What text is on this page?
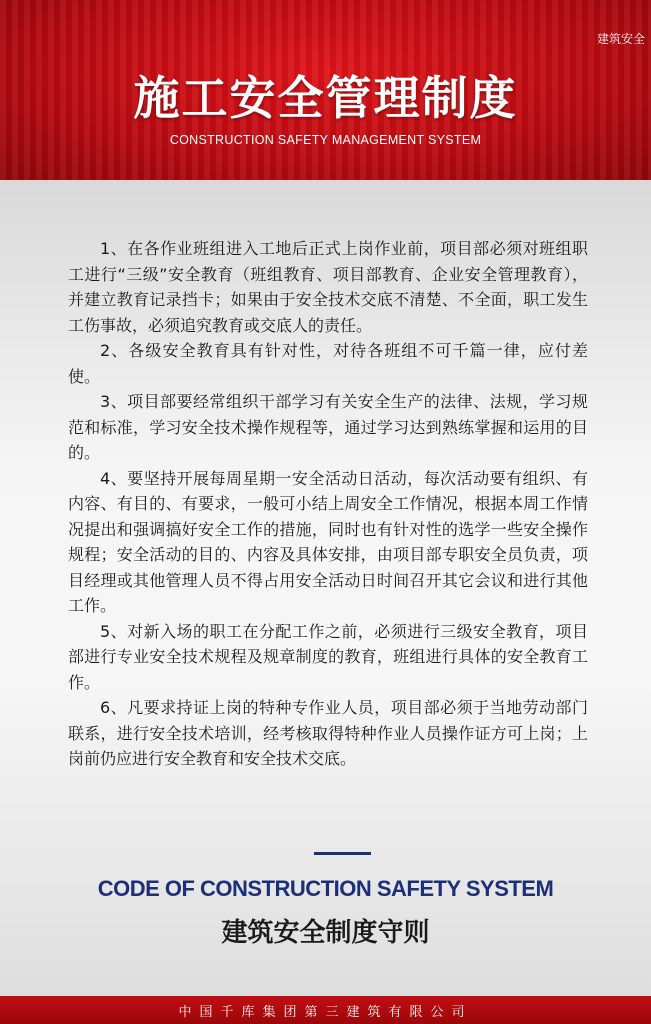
建筑安全
施工安全管理制度
CONSTRUCTION SAFETY MANAGEMENT SYSTEM

1、在各作业班组进入工地后正式上岗作业前，项目部必须对班组职工进行“三级”安全教育（班组教育、项目部教育、企业安全管理教育），并建立教育记录挡卡；如果由于安全技术交底不清楚、不全面，职工发生工伤事故，必须追究教育或交底人的责任。

2、各级安全教育具有针对性，对待各班组不可千篇一律，应付差使。

3、项目部要经常组织干部学习有关安全生产的法律、法规，学习规范和标准，学习安全技术操作规程等，通过学习达到熟练掌握和运用的目的。

4、要坚持开展每周星期一安全活动日活动，每次活动要有组织、有内容、有目的、有要求，一般可小结上周安全工作情况，根据本周工作情况提出和强调搞好安全工作的措施，同时也有针对性的选学一些安全操作规程；安全活动的目的、内容及具体安排，由项目部专职安全员负责，项目经理或其他管理人员不得占用安全活动日时间召开其它会议和进行其他工作。

5、对新入场的职工在分配工作之前，必须进行三级安全教育，项目部进行专业安全技术规程及规章制度的教育，班组进行具体的安全教育工作。

6、凡要求持证上岗的特种专作业人员，项目部必须于当地劳动部门联系，进行安全技术培训，经考核取得特种作业人员操作证方可上岗；上岗前仍应进行安全教育和安全技术交底。

CODE OF CONSTRUCTION SAFETY SYSTEM
建筑安全制度守则
中国千库集团第三建筑有限公司
